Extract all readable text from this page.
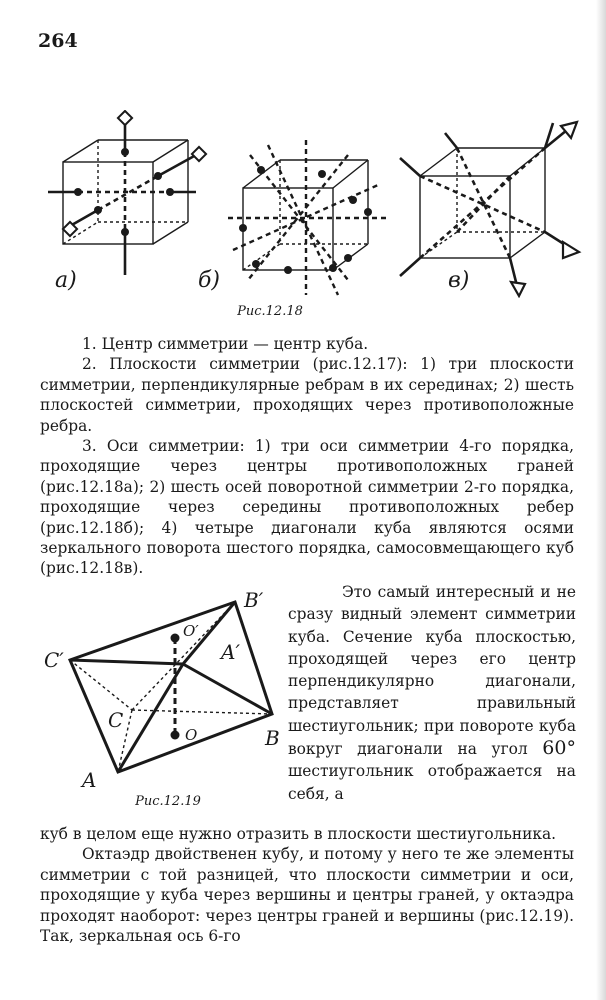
264
а)	б)	в)
Рис.12.18

1. Центр симметрии — центр куба.

2. Плоскости симметрии (рис.12.17): 1) три плоскости симметрии, перпендикулярные ребрам в их серединах; 2) шесть плоскостей симметрии, проходящих через противоположные ребра.

3. Оси симметрии: 1) три оси симметрии 4-го порядка, проходящие через центры противоположных граней (рис.12.18а); 2) шесть осей поворотной симметрии 2-го порядка, проходящие через середины противоположных ребер (рис.12.18б); 4) четыре диагонали куба являются осями зеркального поворота шестого порядка, самосовмещающего куб (рис.12.18в).

B′
O′
C′	A′
C
O	B
A
Рис.12.19

Это самый интересный и не сразу видный элемент симметрии куба. Сечение куба плоскостью, проходящей через его центр перпендикулярно диагонали, представляет правильный шестиугольник; при повороте куба вокруг диагонали на угол 60° шестиугольник отображается на себя, а

куб в целом еще нужно отразить в плоскости шестиугольника.

Октаэдр двойственен кубу, и потому у него те же элементы симметрии с той разницей, что плоскости симметрии и оси, проходящие у куба через вершины и центры граней, у октаэдра проходят наоборот: через центры граней и вершины (рис.12.19). Так, зеркальная ось 6-го
